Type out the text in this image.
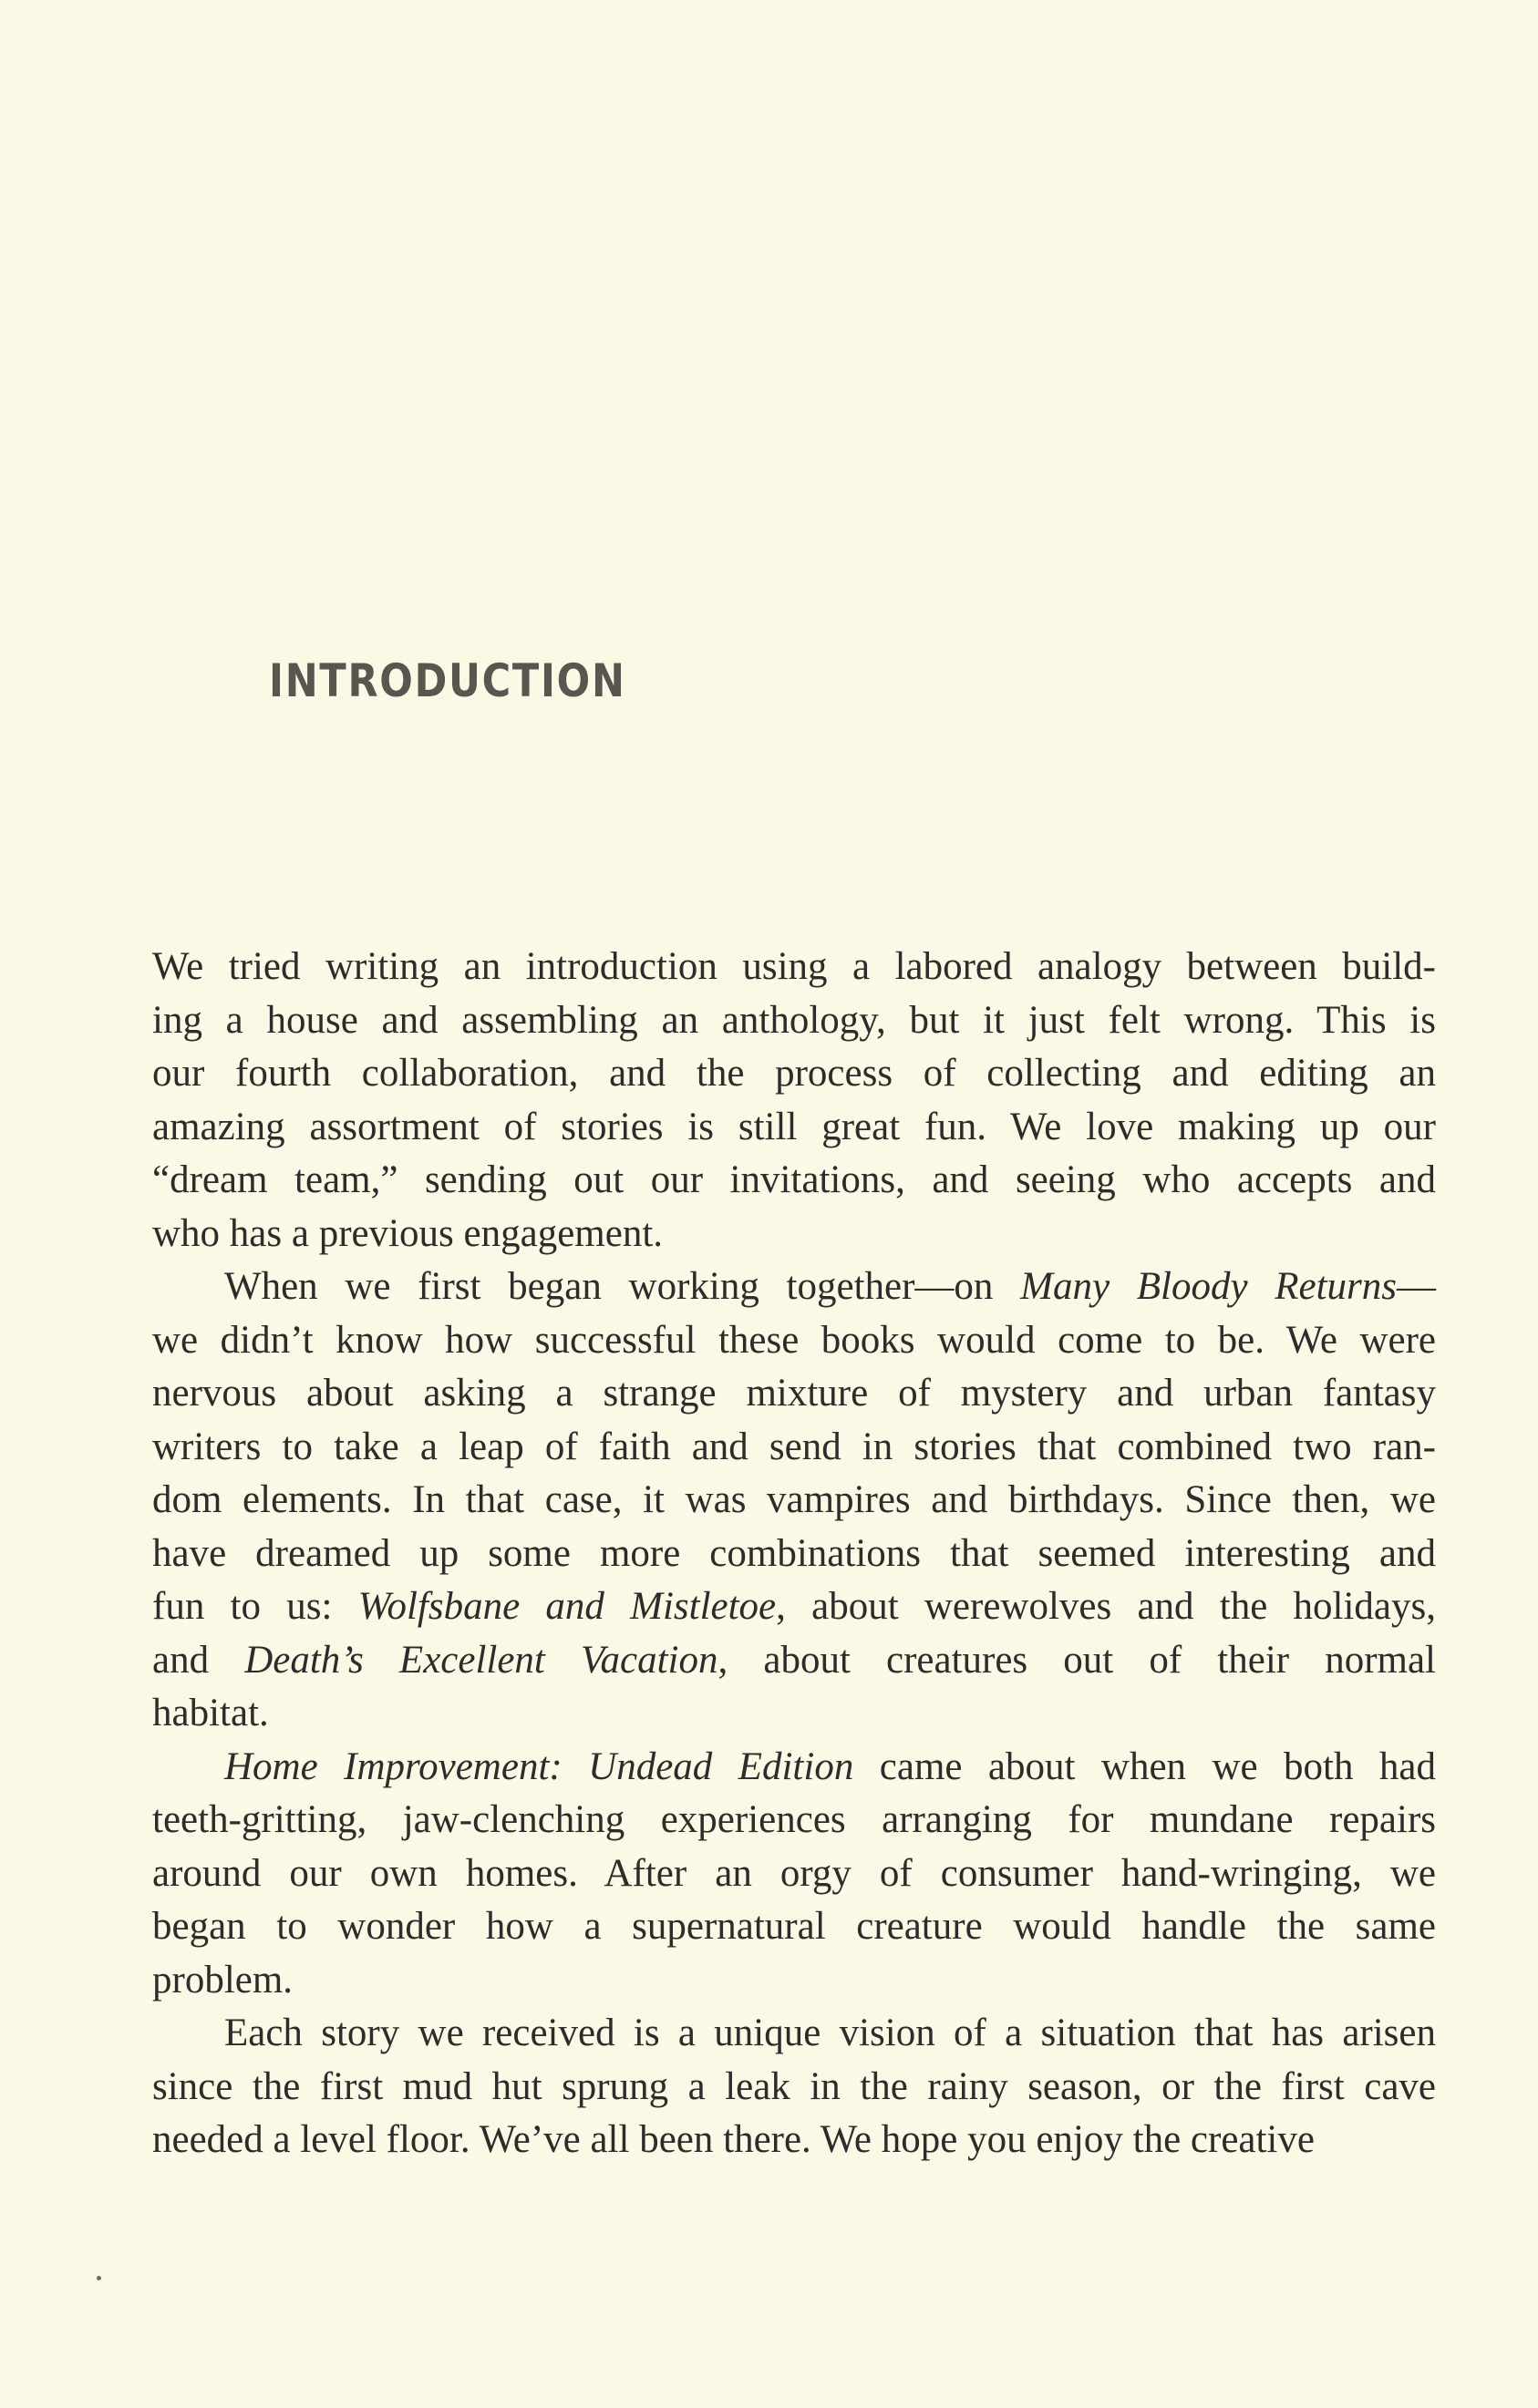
INTRODUCTION
We tried writing an introduction using a labored analogy between build-
ing a house and assembling an anthology, but it just felt wrong. This is
our fourth collaboration, and the process of collecting and editing an
amazing assortment of stories is still great fun. We love making up our
“dream team,” sending out our invitations, and seeing who accepts and
who has a previous engagement.
When we first began working together—on Many Bloody Returns—
we didn’t know how successful these books would come to be. We were
nervous about asking a strange mixture of mystery and urban fantasy
writers to take a leap of faith and send in stories that combined two ran-
dom elements. In that case, it was vampires and birthdays. Since then, we
have dreamed up some more combinations that seemed interesting and
fun to us: Wolfsbane and Mistletoe, about werewolves and the holidays,
and Death’s Excellent Vacation, about creatures out of their normal
habitat.
Home Improvement: Undead Edition came about when we both had
teeth-gritting, jaw-clenching experiences arranging for mundane repairs
around our own homes. After an orgy of consumer hand-wringing, we
began to wonder how a supernatural creature would handle the same
problem.
Each story we received is a unique vision of a situation that has arisen
since the first mud hut sprung a leak in the rainy season, or the first cave
needed a level floor. We’ve all been there. We hope you enjoy the creative
